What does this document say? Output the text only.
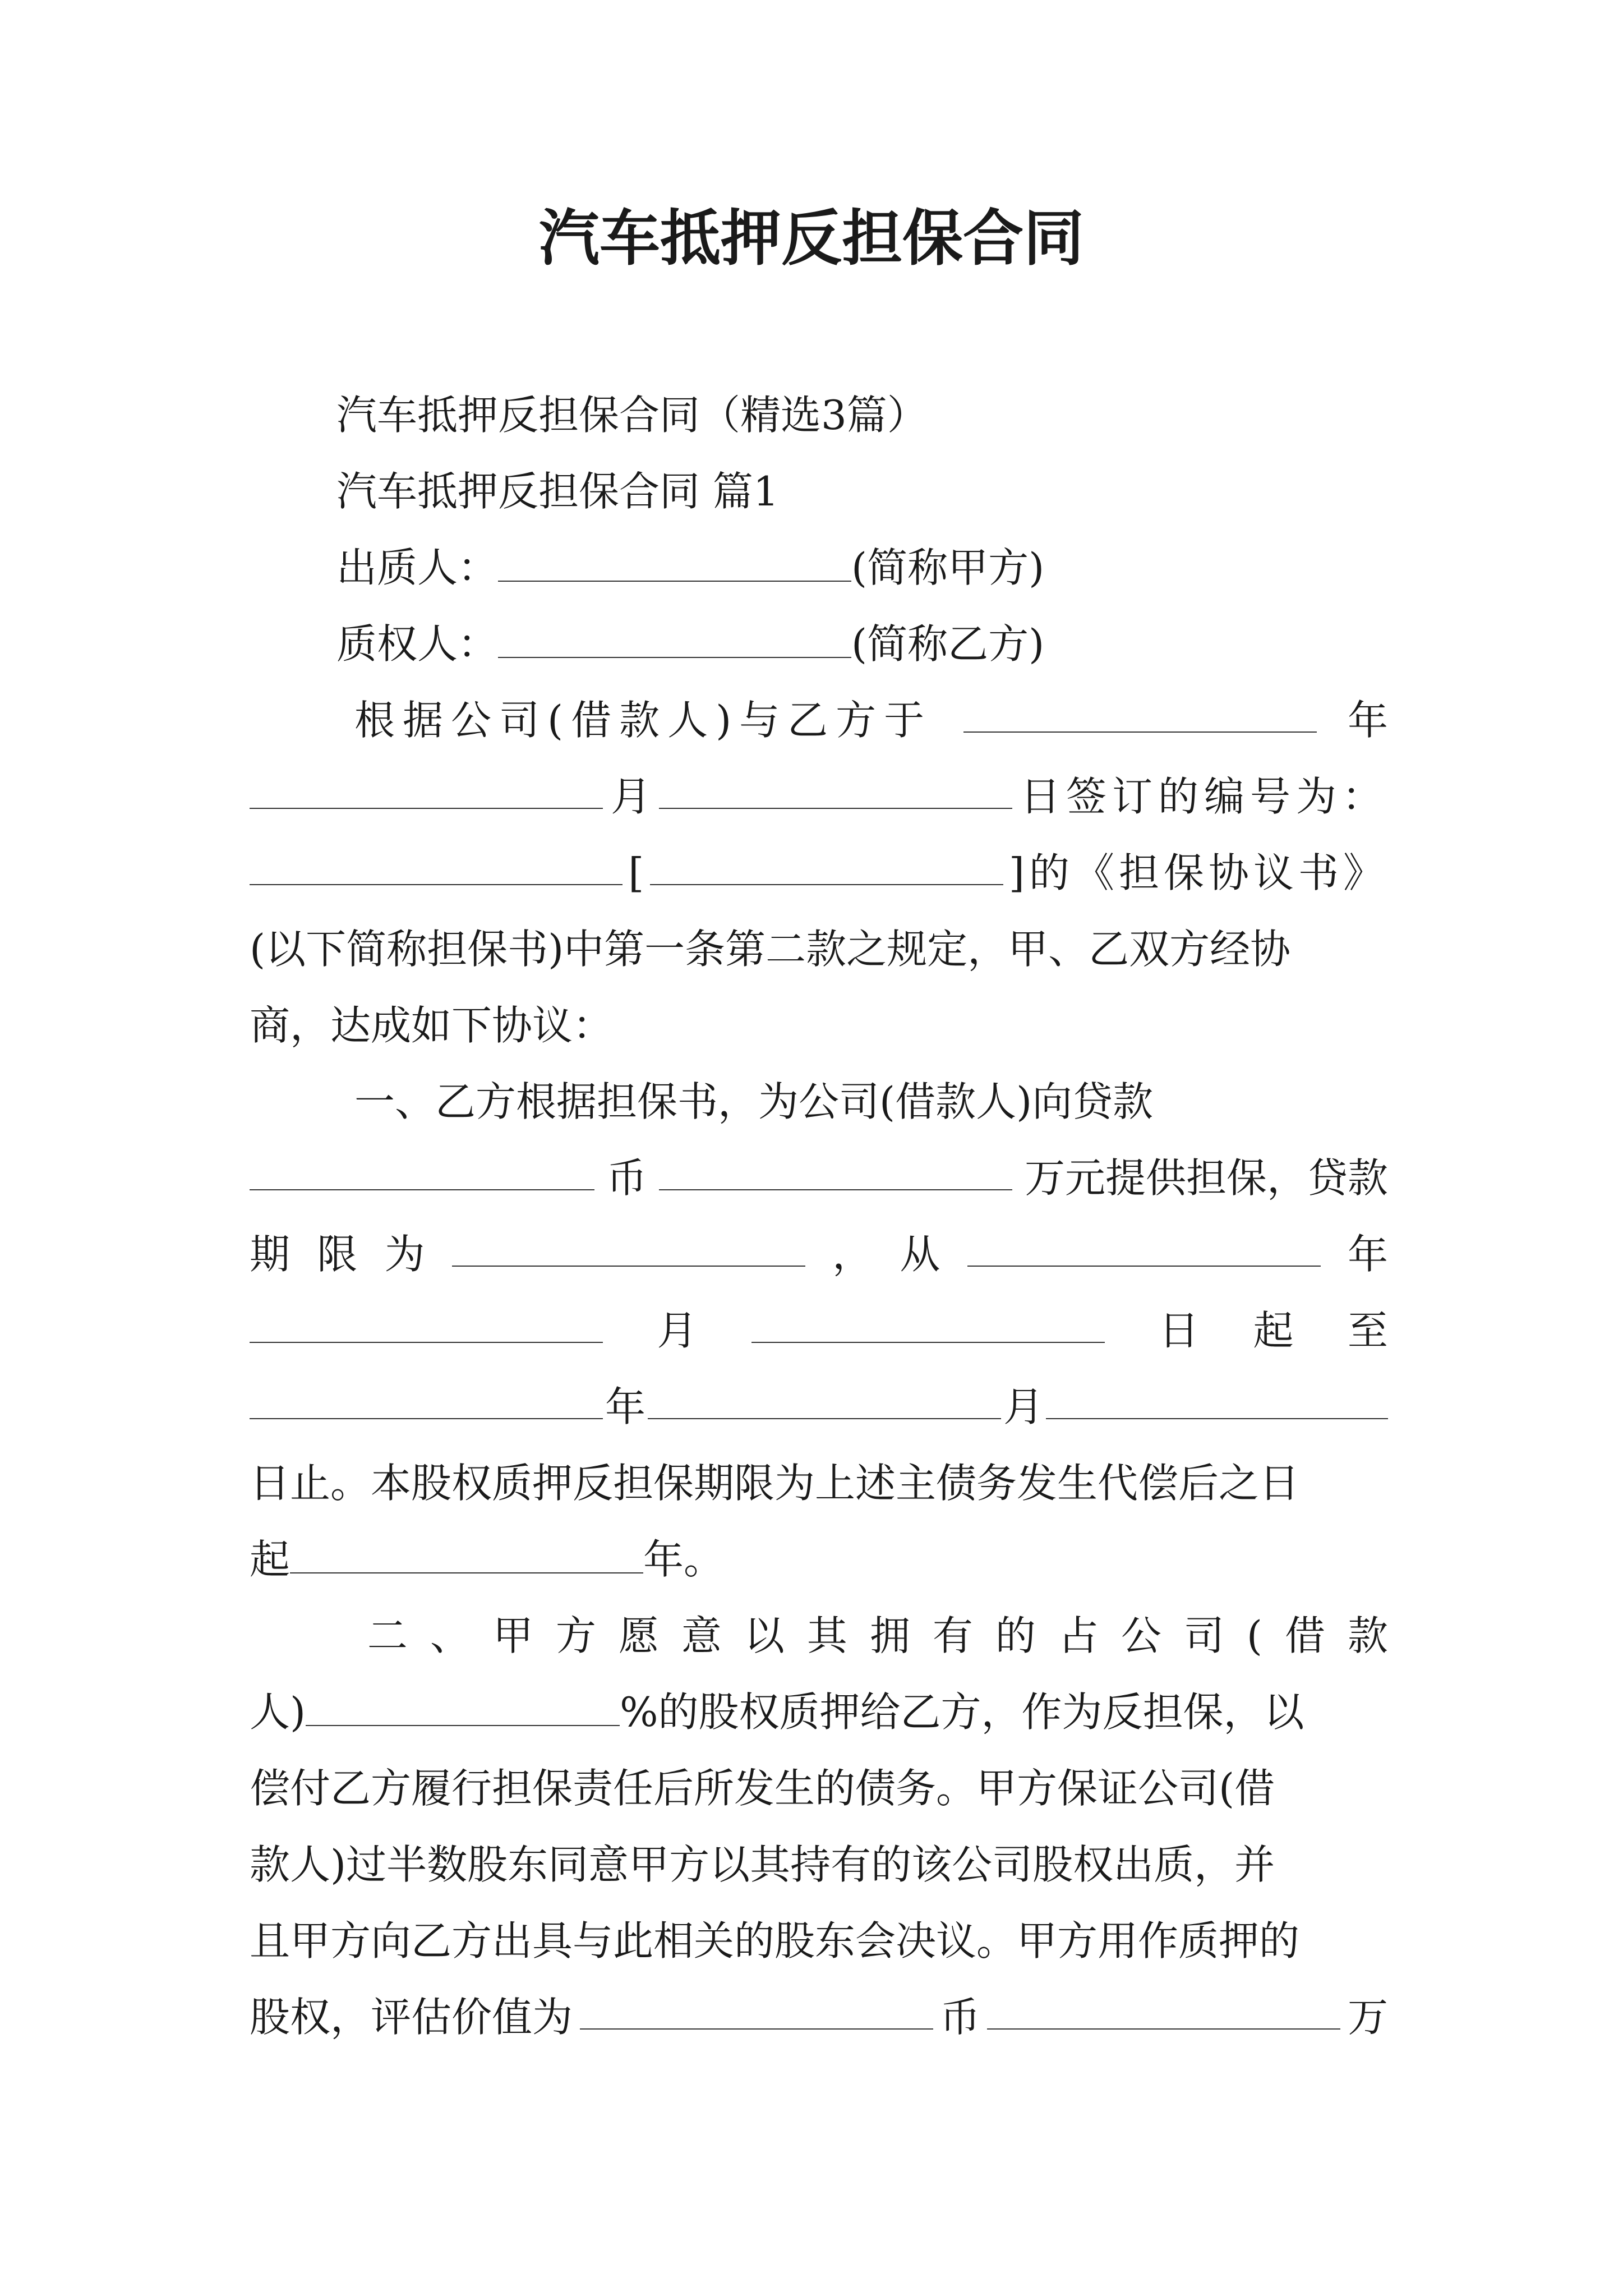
汽车抵押反担保合同
汽车抵押反担保合同（精选3篇）
汽车抵押反担保合同 篇1
出质人：	(简称甲方)
质权人：	(简称乙方)
根据公司(借款人)与乙方于	年
月	日签订的编号为：
[	]的《担保协议书》
(以下简称担保书)中第一条第二款之规定，甲、乙双方经协
商，达成如下协议：
一、乙方根据担保书，为公司(借款人)向贷款
币	万元提供担保，贷款
期 限 为	， 从	年
月	日 起 至
年	月
日止。本股权质押反担保期限为上述主债务发生代偿后之日
起	年。
二、甲方愿意以其拥有的占公司(借款
人)	%的股权质押给乙方，作为反担保，以
偿付乙方履行担保责任后所发生的债务。甲方保证公司(借
款人)过半数股东同意甲方以其持有的该公司股权出质，并
且甲方向乙方出具与此相关的股东会决议。甲方用作质押的
股权，评估价值为	币	万
